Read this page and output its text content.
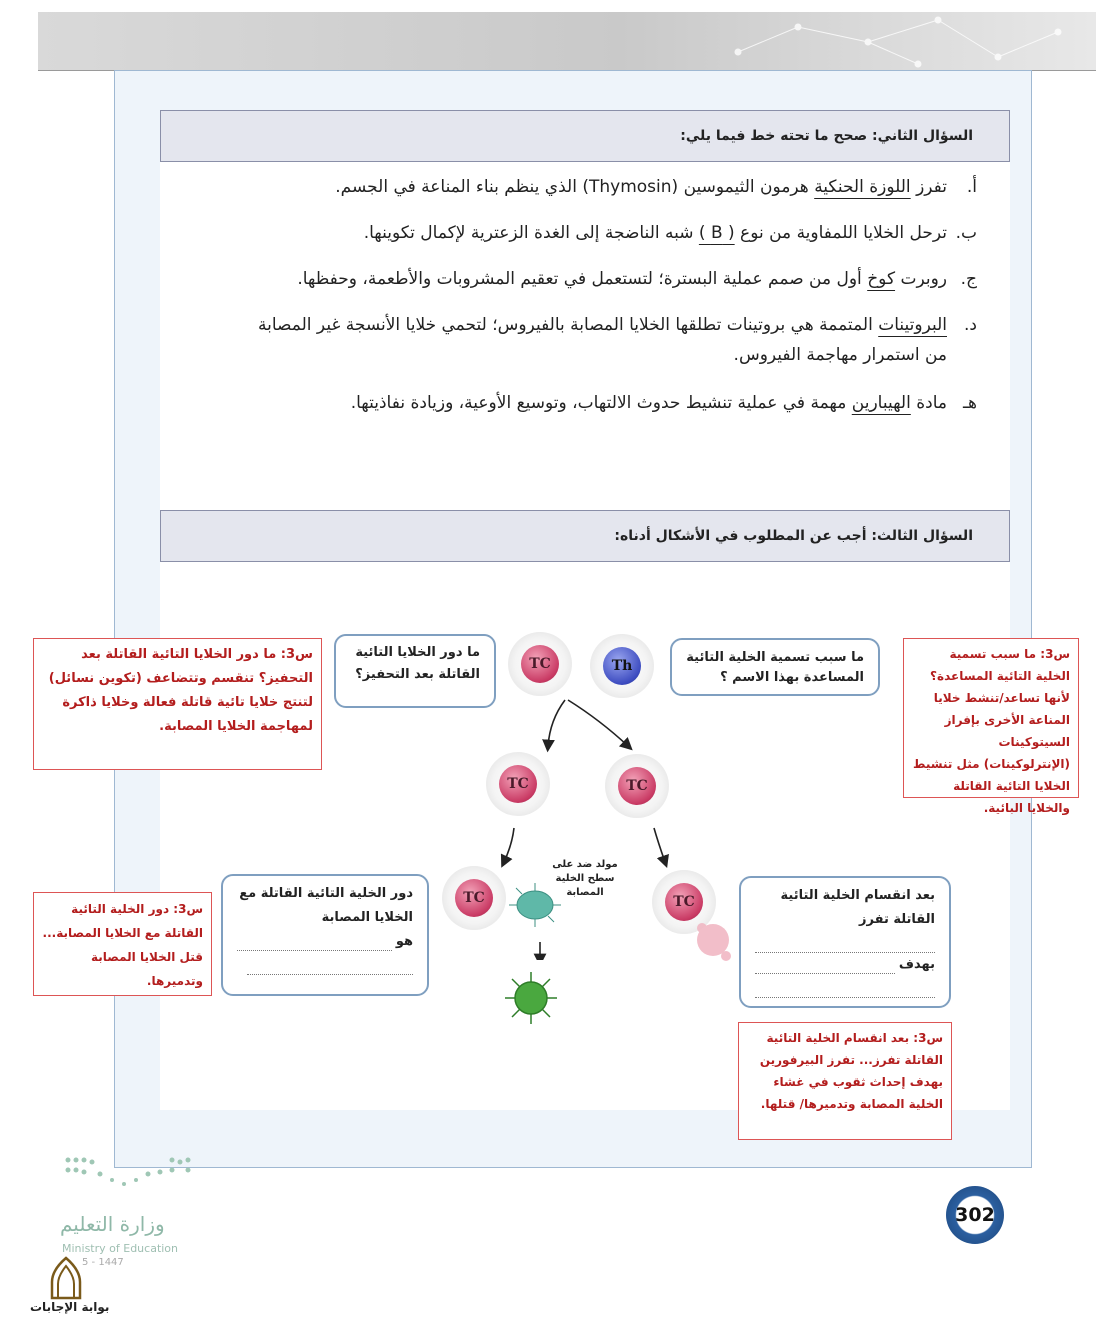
السؤال الثاني: صحح ما تحته خط فيما يلي:
أ.تفرز اللوزة الحنكية هرمون الثيموسين (Thymosin) الذي ينظم بناء المناعة في الجسم.
ب.ترحل الخلايا اللمفاوية من نوع ( B ) شبه الناضجة إلى الغدة الزعترية لإكمال تكوينها.
ج.روبرت كوخ أول من صمم عملية البسترة؛ لتستعمل في تعقيم المشروبات والأطعمة، وحفظها.
د.البروتينات المتممة هي بروتينات تطلقها الخلايا المصابة بالفيروس؛ لتحمي خلايا الأنسجة غير المصابة
من استمرار مهاجمة الفيروس.
هـمادة الهيبارين مهمة في عملية تنشيط حدوث الالتهاب، وتوسيع الأوعية، وزيادة نفاذيتها.
السؤال الثالث: أجب عن المطلوب في الأشكال أدناه:
TC	Th
TC	TC
TC	TC
مولد ضد على سطح الخلية المصابة
ما سبب تسمية الخلية التائية المساعدة بهذا الاسم ؟
ما دور الخلايا التائية القاتلة بعد التحفيز؟
دور الخلية التائية القاتلة مع الخلايا المصابة
هو
بعد انقسام الخلية التائية القاتلة تفرز
بهدف
س3: ما دور الخلايا التائية القاتلة بعد التحفيز؟ تنقسم وتتضاعف (تكوين نسائل) لتنتج خلايا تائية قاتلة فعالة وخلايا ذاكرة لمهاجمة الخلايا المصابة.
س3: ما سبب تسمية الخلية التائية المساعدة؟ لأنها تساعد/تنشط خلايا المناعة الأخرى بإفراز السيتوكينات (الإنترلوكينات) مثل تنشيط الخلايا التائية القاتلة والخلايا البائية.
س3: دور الخلية التائية القاتلة مع الخلايا المصابة... قتل الخلايا المصابة وتدميرها.
س3: بعد انقسام الخلية التائية القاتلة تفرز... تفرز البيرفورين بهدف إحداث ثقوب في غشاء الخلية المصابة وتدميرها/ قتلها.
وزارة التعليم
Ministry of Education
5 - 1447
302
بوابة الإجابات
